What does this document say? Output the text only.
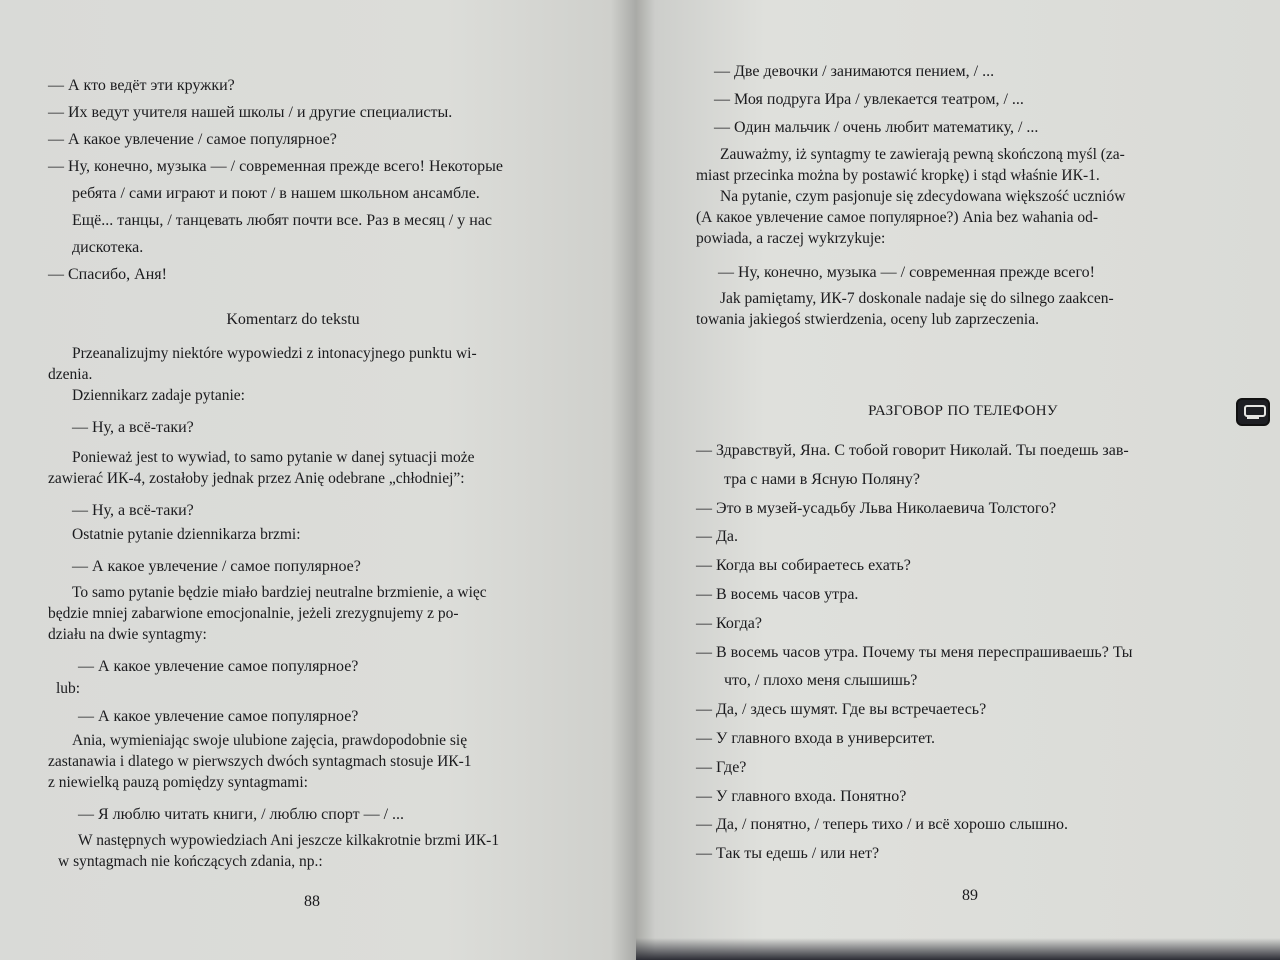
— А кто ведёт эти кружки?
— Их ведут учителя нашей школы / и другие специалисты.
— А какое увлечение / самое популярное?
— Ну, конечно, музыка — / современная прежде всего! Некоторые
ребята / сами играют и поют / в нашем школьном ансамбле.
Ещё... танцы, / танцевать любят почти все. Раз в месяц / у нас
дискотека.
— Спасибо, Аня!
Komentarz do tekstu
Przeanalizujmy niektóre wypowiedzi z intonacyjnego punktu wi-
dzenia.
Dziennikarz zadaje pytanie:
— Ну, а всё-таки?
Ponieważ jest to wywiad, to samo pytanie w danej sytuacji może
zawierać ИК-4, zostałoby jednak przez Anię odebrane „chłodniej”:
— Ну, а всё-таки?
Ostatnie pytanie dziennikarza brzmi:
— А какое увлечение / самое популярное?
To samo pytanie będzie miało bardziej neutralne brzmienie, a więc
będzie mniej zabarwione emocjonalnie, jeżeli zrezygnujemy z po-
działu na dwie syntagmy:
— А какое увлечение самое популярное?
lub:
— А какое увлечение самое популярное?
Ania, wymieniając swoje ulubione zajęcia, prawdopodobnie się
zastanawia i dlatego w pierwszych dwóch syntagmach stosuje ИК-1
z niewielką pauzą pomiędzy syntagmami:
— Я люблю читать книги, / люблю спорт — / ...
W następnych wypowiedziach Ani jeszcze kilkakrotnie brzmi ИК-1
w syntagmach nie kończących zdania, np.:
88
— Две девочки / занимаются пением, / ...
— Моя подруга Ира / увлекается театром, / ...
— Один мальчик / очень любит математику, / ...
Zauważmy, iż syntagmy te zawierają pewną skończoną myśl (za-
miast przecinka można by postawić kropkę) i stąd właśnie ИК-1.
Na pytanie, czym pasjonuje się zdecydowana większość uczniów
(А какое увлечение самое популярное?) Ania bez wahania od-
powiada, a raczej wykrzykuje:
— Ну, конечно, музыка — / современная прежде всего!
Jak pamiętamy, ИК-7 doskonale nadaje się do silnego zaakcen-
towania jakiegoś stwierdzenia, oceny lub zaprzeczenia.
РАЗГОВОР ПО ТЕЛЕФОНУ
— Здравствуй, Яна. С тобой говорит Николай. Ты поедешь зав-
тра с нами в Ясную Поляну?
— Это в музей-усадьбу Льва Николаевича Толстого?
— Да.
— Когда вы собираетесь ехать?
— В восемь часов утра.
— Когда?
— В восемь часов утра. Почему ты меня переспрашиваешь? Ты
что, / плохо меня слышишь?
— Да, / здесь шумят. Где вы встречаетесь?
— У главного входа в университет.
— Где?
— У главного входа. Понятно?
— Да, / понятно, / теперь тихо / и всё хорошо слышно.
— Так ты едешь / или нет?
89
